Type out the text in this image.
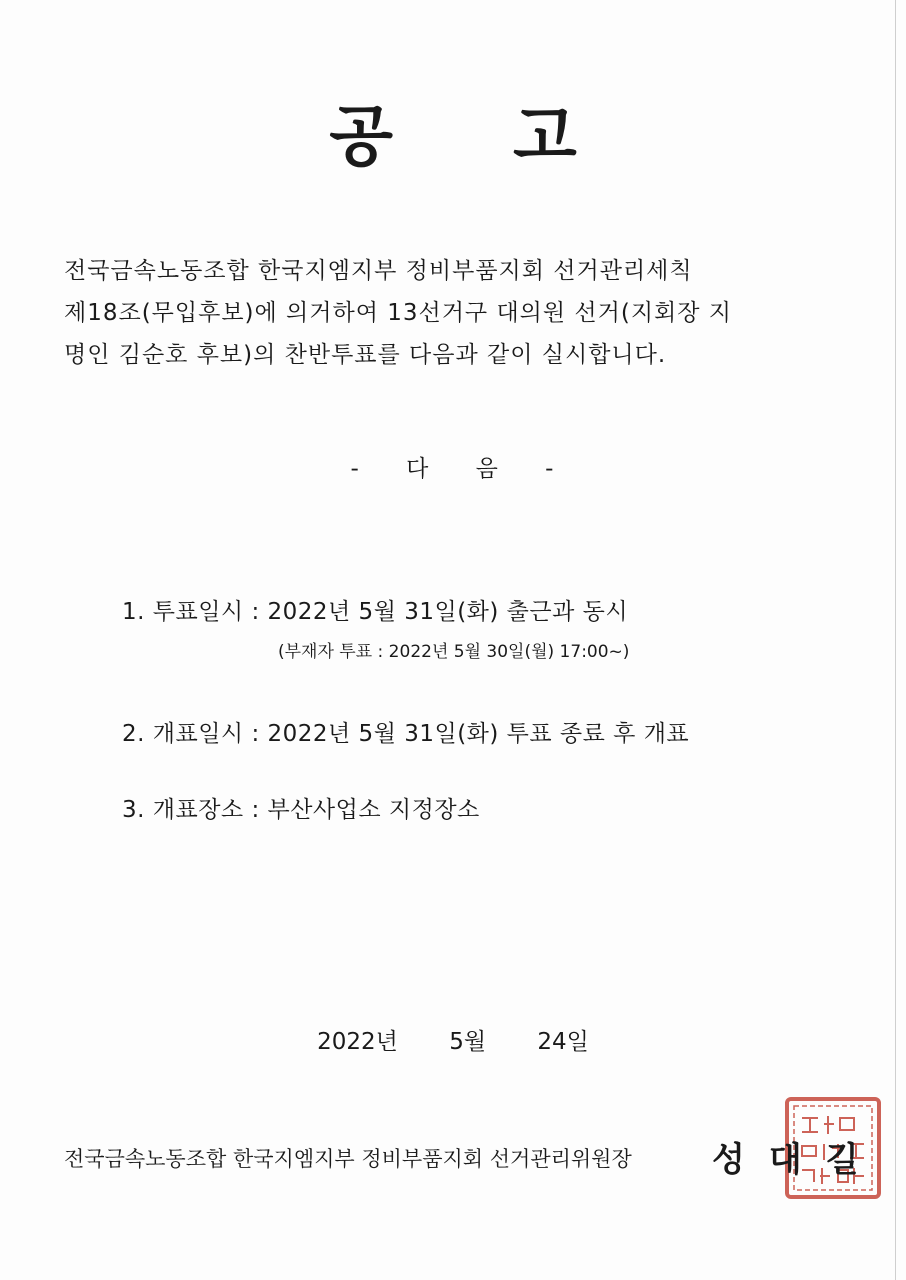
공고
전국금속노동조합 한국지엠지부 정비부품지회 선거관리세칙
제18조(무입후보)에 의거하여 13선거구 대의원 선거(지회장 지
명인 김순호 후보)의 찬반투표를 다음과 같이 실시합니다.
- 다 음 -
1. 투표일시 : 2022년 5월 31일(화) 출근과 동시
(부재자 투표 : 2022년 5월 30일(월) 17:00~)
2. 개표일시 : 2022년 5월 31일(화) 투표 종료 후 개표
3. 개표장소 : 부산사업소 지정장소
2022년 5월 24일
전국금속노동조합 한국지엠지부 정비부품지회 선거관리위원장 성대길
